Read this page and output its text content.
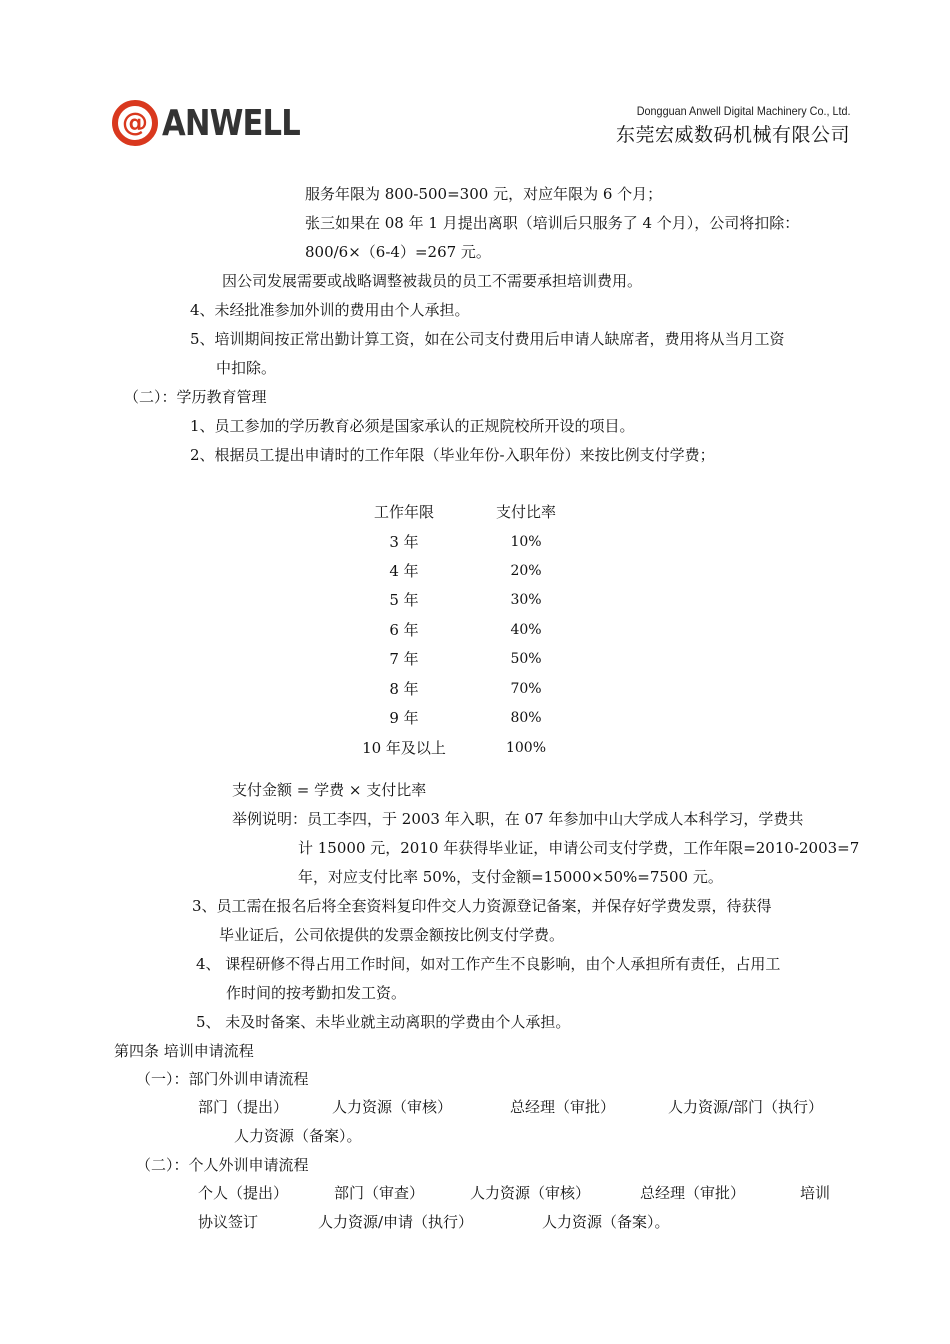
@ ANWELL	Dongguan Anwell Digital Machinery Co., Ltd.
东莞宏威数码机械有限公司
服务年限为 800-500=300 元，对应年限为 6 个月；
张三如果在 08 年 1 月提出离职（培训后只服务了 4 个月），公司将扣除：
800/6×（6-4）=267 元。
因公司发展需要或战略调整被裁员的员工不需要承担培训费用。
4、未经批准参加外训的费用由个人承担。
5、培训期间按正常出勤计算工资，如在公司支付费用后申请人缺席者，费用将从当月工资
中扣除。
（二）：学历教育管理
1、员工参加的学历教育必须是国家承认的正规院校所开设的项目。
2、根据员工提出申请时的工作年限（毕业年份-入职年份）来按比例支付学费；
工作年限	支付比率
3 年	10%
4 年	20%
5 年	30%
6 年	40%
7 年	50%
8 年	70%
9 年	80%
10 年及以上	100%
支付金额 = 学费 × 支付比率
举例说明：员工李四，于 2003 年入职，在 07 年参加中山大学成人本科学习，学费共
计 15000 元，2010 年获得毕业证，申请公司支付学费，工作年限=2010-2003=7
年，对应支付比率 50%，支付金额=15000×50%=7500 元。
3、员工需在报名后将全套资料复印件交人力资源登记备案，并保存好学费发票，待获得
毕业证后，公司依提供的发票金额按比例支付学费。
4、 课程研修不得占用工作时间，如对工作产生不良影响，由个人承担所有责任，占用工
作时间的按考勤扣发工资。
5、 未及时备案、未毕业就主动离职的学费由个人承担。
第四条 培训申请流程
（一）：部门外训申请流程
部门（提出）	人力资源（审核）	总经理（审批）	人力资源/部门（执行）
人力资源（备案）。
（二）：个人外训申请流程
个人（提出）	部门（审查）	人力资源（审核）	总经理（审批）	培训
协议签订	人力资源/申请（执行）	人力资源（备案）。
